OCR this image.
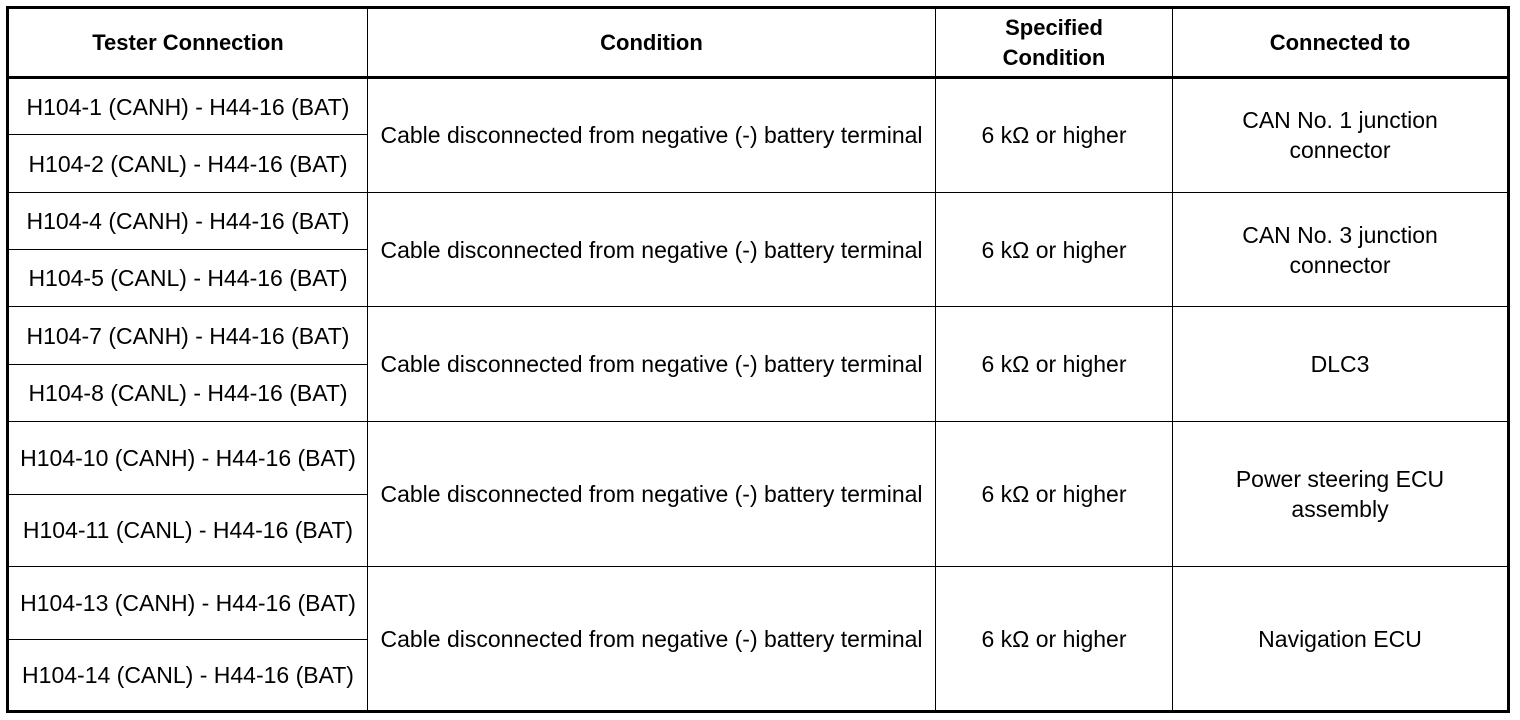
Tester Connection	Condition	Specified Condition	Connected to
H104-1 (CANH) - H44-16 (BAT)	Cable disconnected from negative (-) battery terminal	6 kΩ or higher	CAN No. 1 junction connector
H104-2 (CANL) - H44-16 (BAT)			
H104-4 (CANH) - H44-16 (BAT)	Cable disconnected from negative (-) battery terminal	6 kΩ or higher	CAN No. 3 junction connector
H104-5 (CANL) - H44-16 (BAT)			
H104-7 (CANH) - H44-16 (BAT)	Cable disconnected from negative (-) battery terminal	6 kΩ or higher	DLC3
H104-8 (CANL) - H44-16 (BAT)			
H104-10 (CANH) - H44-16 (BAT)	Cable disconnected from negative (-) battery terminal	6 kΩ or higher	Power steering ECU assembly
H104-11 (CANL) - H44-16 (BAT)			
H104-13 (CANH) - H44-16 (BAT)	Cable disconnected from negative (-) battery terminal	6 kΩ or higher	Navigation ECU
H104-14 (CANL) - H44-16 (BAT)			
